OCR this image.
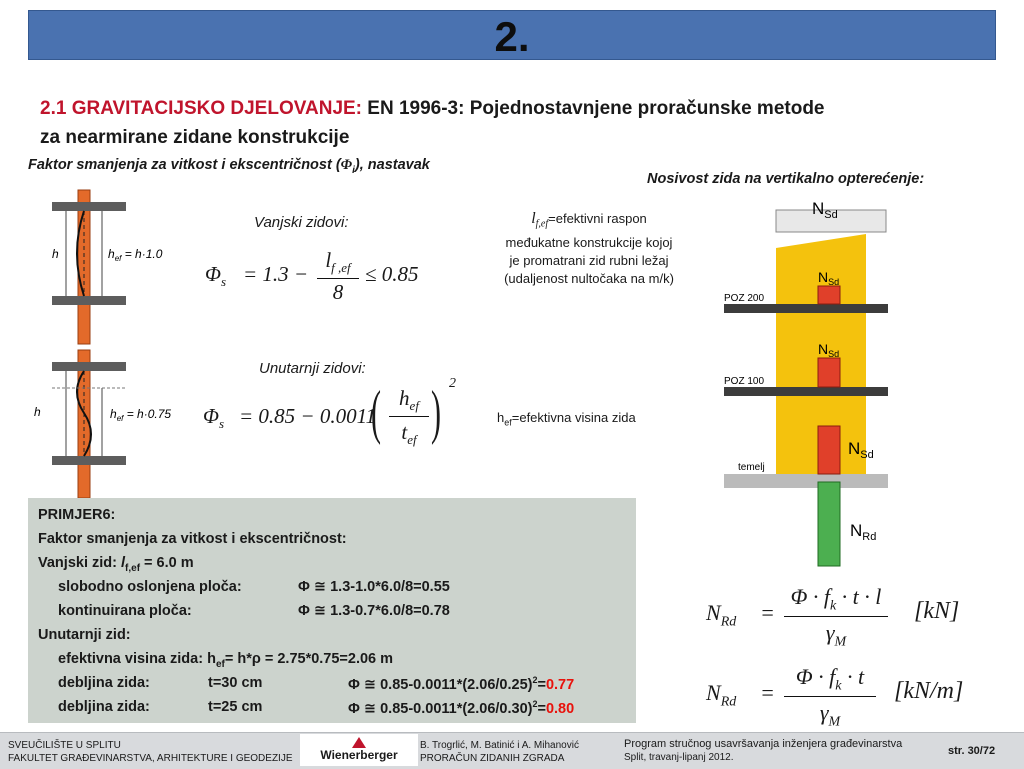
2.
2.1 GRAVITACIJSKO DJELOVANJE: EN 1996-3: Pojednostavnjene proračunske metode
za nearmirane zidane konstrukcije
Faktor smanjenja za vitkost i ekscentričnost $(\Phi_i)$, nastavak
Nosivost zida na vertikalno opterećenje:
h	$h_{ef} = h\cdot 1.0$
h	$h_{ef} = h\cdot 0.75$
Vanjski zidovi:
$\Phi_s = 1.3$ −
$l_{f ,ef}$
8
≤ 0.85
$l_{f,ef}=efektivni$ raspon
međukatne konstrukcije kojoj
je promatrani zid rubni ležaj
(udaljenost nultočaka na m/k)
Unutarnji zidovi:
$\Phi_s = 0.85 - 0.0011$
( $h_{ef}$
$t_{ef}$ ) 2
$h_{ef}=efektivna$ visina zida
$N_{Sd}$
$N_{Sd}$
POZ 200
$N_{Sd}$
POZ 100
$N_{Sd}$
temelj
$N_{Rd}$
PRIMJER6:
Faktor smanjenja za vitkost i ekscentričnost:
Vanjski zid: $l_{f,ef} = 6.0$ m
slobodno oslonjena ploča:	Φ ≅ 1.3-1.0*6.0/8=0.55
kontinuirana ploča:	Φ ≅ 1.3-0.7*6.0/8=0.78
Unutarnji zid:
efektivna visina zida: $h_{ef}= h*\rho = 2.75*0.75=2.06$ m
debljina zida:	t=30 cm	Φ ≅ $0.85-0.0011*(2.06/0.25)^2=0.77$
debljina zida:	t=25 cm	Φ ≅ $0.85-0.0011*(2.06/0.30)^2=0.80$
$N_{Rd}$ =
$\Phi \cdot f_k \cdot t \cdot l$
$\gamma_M$
[kN]
$N_{Rd}$ =
$\Phi \cdot f_k \cdot t$
$\gamma_M$
[kN/m]
SVEUČILIŠTE U SPLITU
FAKULTET GRAĐEVINARSTVA, ARHITEKTURE I GEODEZIJE
B. Trogrlić, M. Batinić i A. Mihanović
PRORAČUN ZIDANIH ZGRADA
Program stručnog usavršavanja inženjera građevinarstva
Split, travanj-lipanj 2012.
str. 30/72
Wienerberger
